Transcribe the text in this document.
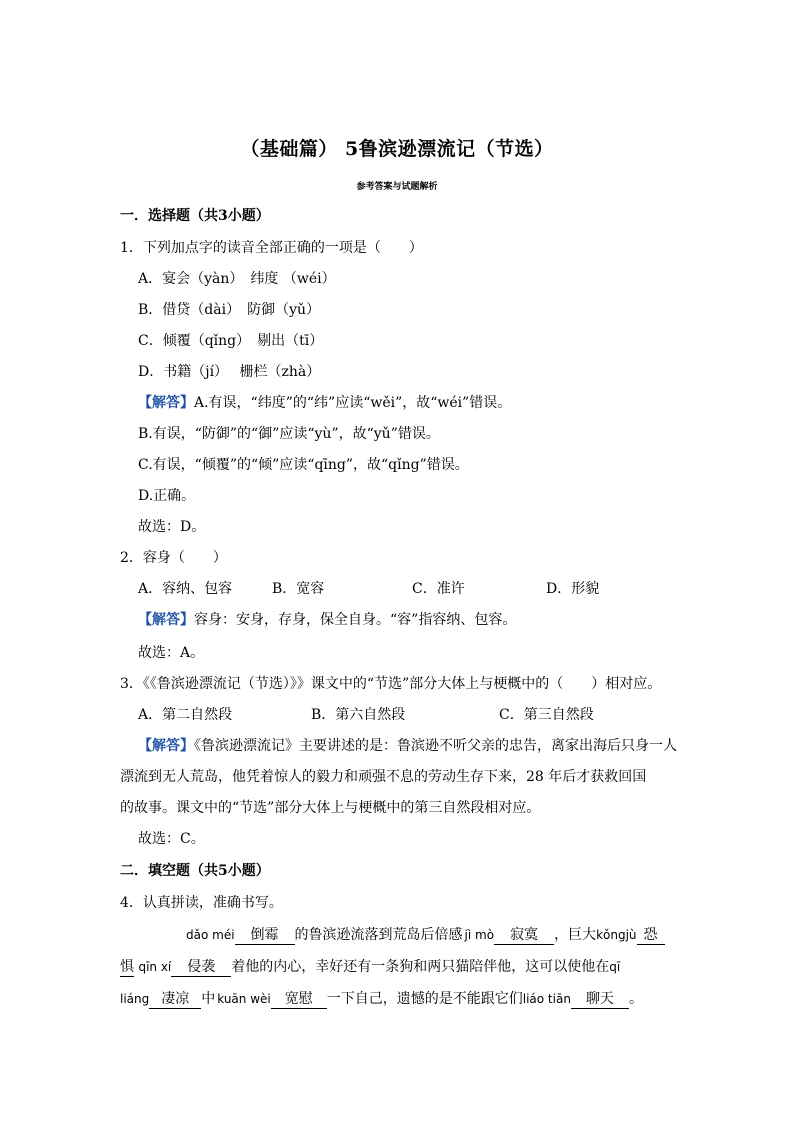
（基础篇） 5鲁滨逊漂流记（节选）
参考答案与试题解析
一．选择题（共3小题）
1．下列加点字的读音全部正确的一项是（　　）
A．宴会（yàn）　纬度 （wéi）
B．借贷（dài）　防御（yǔ）
C．倾覆（qǐng）　剔出（tī）
D．书籍（jí）　 栅栏（zhà）
【解答】A.有误，“纬度”的“纬”应读“wěi”，故“wéi”错误。
B.有误，“防御”的“御”应读“yù”，故“yǔ”错误。
C.有误，“倾覆”的“倾”应读“qīng”，故“qǐng”错误。
D.正确。
故选：D。
2．容身（　　）
A．容纳、包容	B．宽容	C．准许	D．形貌
【解答】容身：安身，存身，保全自身。“容”指容纳、包容。
故选：A。
3．《《鲁滨逊漂流记（节选）》》课文中的“节选”部分大体上与梗概中的（　　）相对应。
A．第二自然段	B．第六自然段	C．第三自然段
【解答】《鲁滨逊漂流记》主要讲述的是：鲁滨逊不听父亲的忠告，离家出海后只身一人
漂流到无人荒岛，他凭着惊人的毅力和顽强不息的劳动生存下来，28 年后才获救回国
的故事。课文中的“节选”部分大体上与梗概中的第三自然段相对应。
故选：C。
二．填空题（共5小题）
4．认真拼读，准确书写。
dǎo méi 倒霉 的鲁滨逊流落到荒岛后倍感 jì mò 寂寞 ，巨大kǒngjù 恐
惧 qīn xí 侵袭 着他的内心，幸好还有一条狗和两只猫陪伴他，这可以使他在qī
liáng 凄凉 中 kuān wèi 宽慰 一下自己，遗憾的是不能跟它们liáo tiān 聊天 。
